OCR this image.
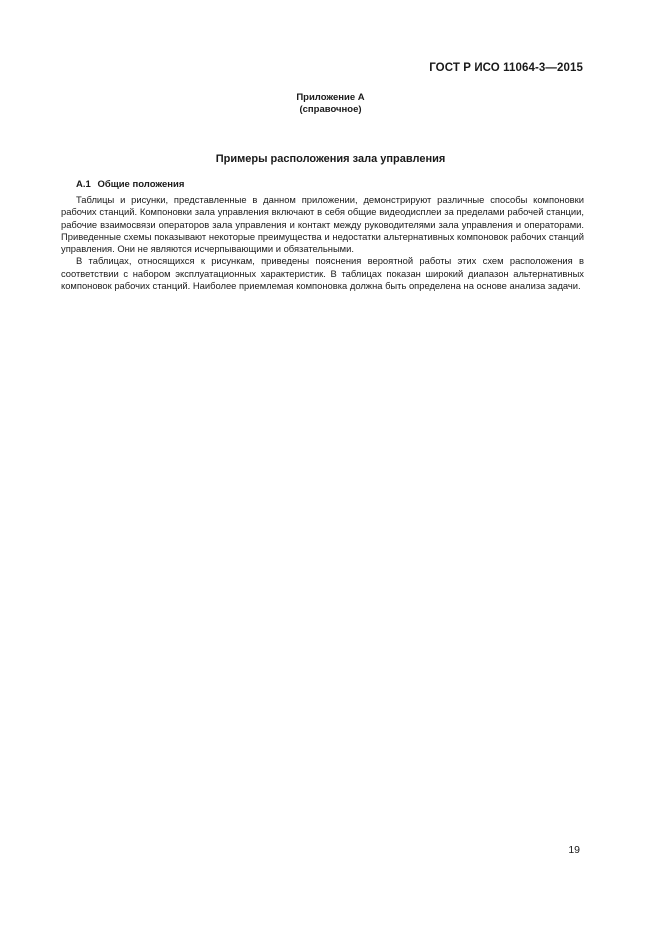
ГОСТ Р ИСО 11064-3—2015
Приложение А
(справочное)
Примеры расположения зала управления
А.1 Общие положения

Таблицы и рисунки, представленные в данном приложении, демонстрируют различные способы компоновки рабочих станций. Компоновки зала управления включают в себя общие видеодисплеи за пределами рабочей станции, рабочие взаимосвязи операторов зала управления и контакт между руководителями зала управления и операторами. Приведенные схемы показывают некоторые преимущества и недостатки альтернативных компоновок рабочих станций управления. Они не являются исчерпывающими и обязательными.

В таблицах, относящихся к рисункам, приведены пояснения вероятной работы этих схем расположения в соответствии с набором эксплуатационных характеристик. В таблицах показан широкий диапазон альтернативных компоновок рабочих станций. Наиболее приемлемая компоновка должна быть определена на основе анализа задачи.

19
